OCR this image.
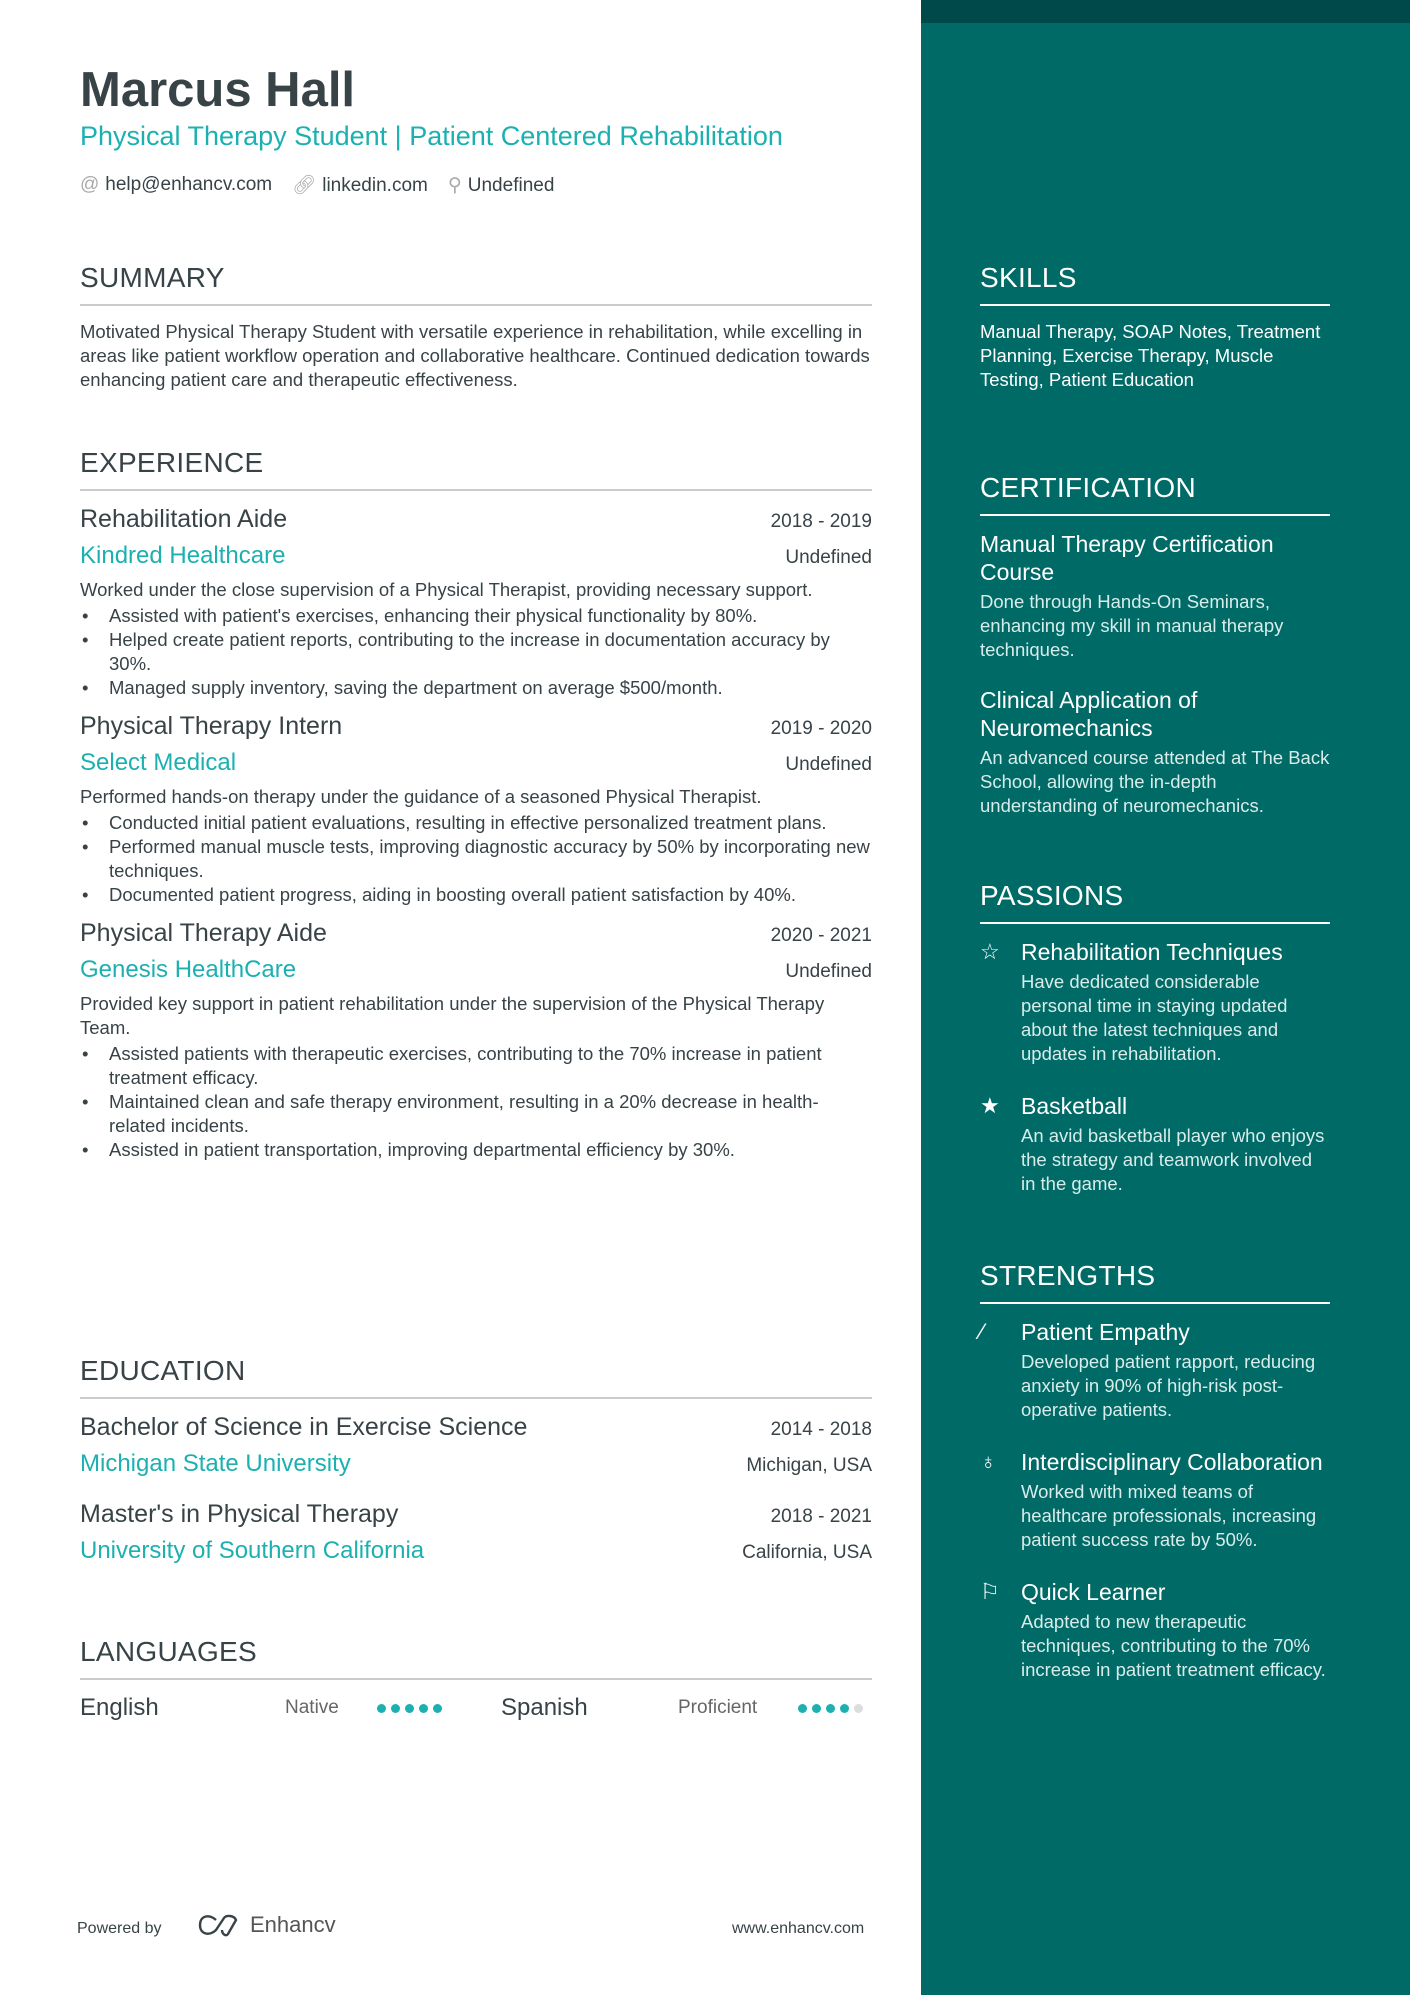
Marcus Hall
Physical Therapy Student | Patient Centered Rehabilitation
@ help@enhancv.com 🔗︎ linkedin.com ⚲ Undefined
SUMMARY
Motivated Physical Therapy Student with versatile experience in rehabilitation, while excelling in areas like patient workflow operation and collaborative healthcare. Continued dedication towards enhancing patient care and therapeutic effectiveness.
EXPERIENCE
Rehabilitation Aide	2018 - 2019
Kindred Healthcare	Undefined
Worked under the close supervision of a Physical Therapist, providing necessary support.
• Assisted with patient's exercises, enhancing their physical functionality by 80%.
• Helped create patient reports, contributing to the increase in documentation accuracy by 30%.
• Managed supply inventory, saving the department on average $500/month.
Physical Therapy Intern	2019 - 2020
Select Medical	Undefined
Performed hands-on therapy under the guidance of a seasoned Physical Therapist.
• Conducted initial patient evaluations, resulting in effective personalized treatment plans.
• Performed manual muscle tests, improving diagnostic accuracy by 50% by incorporating new techniques.
• Documented patient progress, aiding in boosting overall patient satisfaction by 40%.
Physical Therapy Aide	2020 - 2021
Genesis HealthCare	Undefined
Provided key support in patient rehabilitation under the supervision of the Physical Therapy Team.
• Assisted patients with therapeutic exercises, contributing to the 70% increase in patient treatment efficacy.
• Maintained clean and safe therapy environment, resulting in a 20% decrease in health-related incidents.
• Assisted in patient transportation, improving departmental efficiency by 30%.
EDUCATION
Bachelor of Science in Exercise Science	2014 - 2018
Michigan State University	Michigan, USA
Master's in Physical Therapy	2018 - 2021
University of Southern California	California, USA
LANGUAGES
English	Native	Spanish	Proficient
SKILLS
Manual Therapy, SOAP Notes, Treatment Planning, Exercise Therapy, Muscle Testing, Patient Education
CERTIFICATION
Manual Therapy Certification Course
Done through Hands-On Seminars, enhancing my skill in manual therapy techniques.
Clinical Application of Neuromechanics
An advanced course attended at The Back School, allowing the in-depth understanding of neuromechanics.
PASSIONS
☆ Rehabilitation Techniques
Have dedicated considerable personal time in staying updated about the latest techniques and updates in rehabilitation.
★ Basketball
An avid basketball player who enjoys the strategy and teamwork involved in the game.
STRENGTHS
⁄	Patient Empathy
Developed patient rapport, reducing anxiety in 90% of high-risk post-operative patients.
♁	Interdisciplinary Collaboration
Worked with mixed teams of healthcare professionals, increasing patient success rate by 50%.
⚐ Quick Learner
Adapted to new therapeutic techniques, contributing to the 70% increase in patient treatment efficacy.
Powered by	Enhancv	www.enhancv.com
